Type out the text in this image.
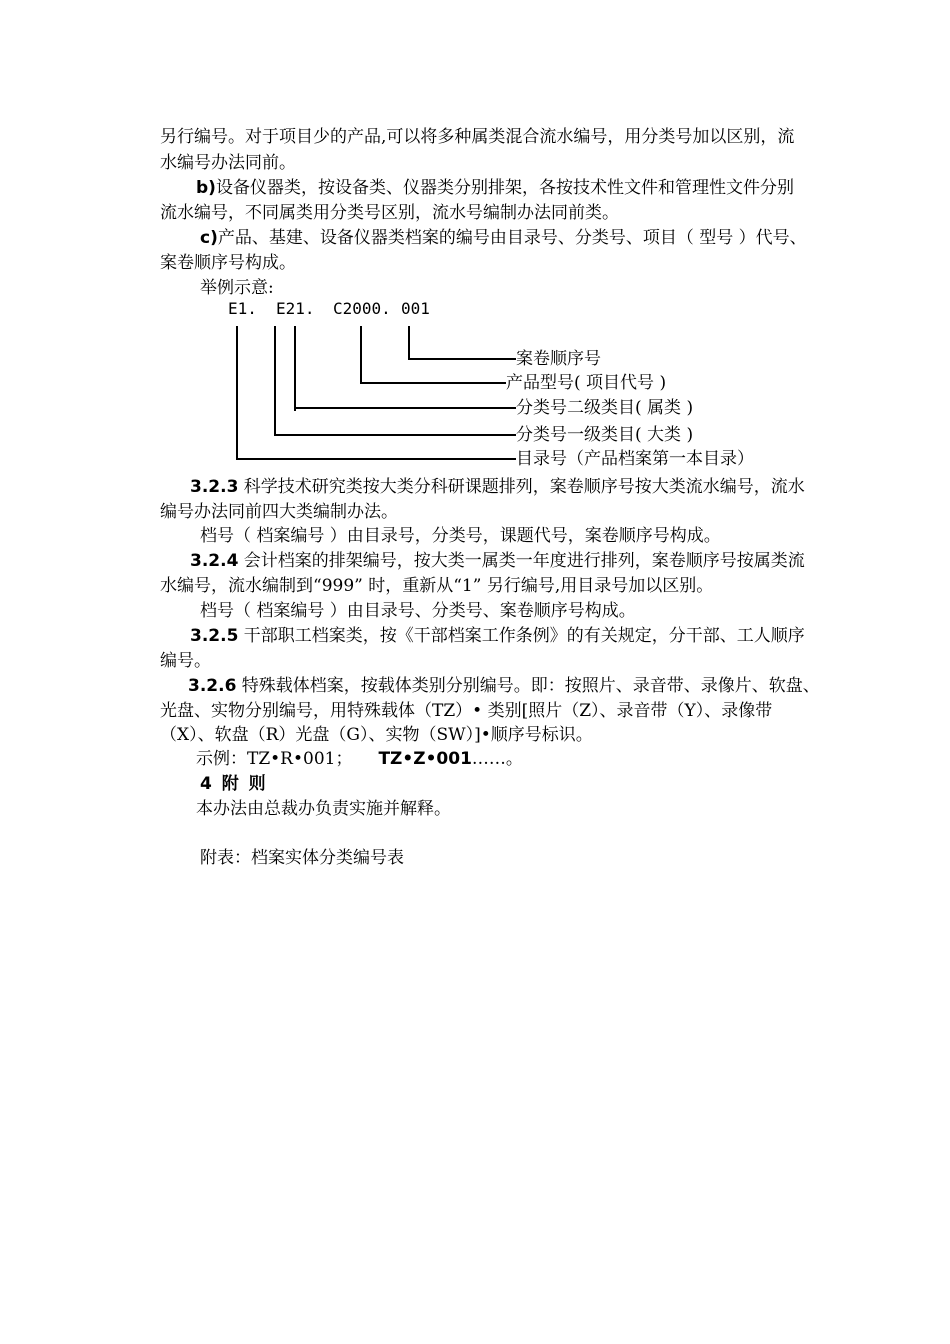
另行编号。对于项目少的产品,可以将多种属类混合流水编号，用分类号加以区别，流
水编号办法同前。
b)设备仪器类，按设备类、仪器类分别排架，各按技术性文件和管理性文件分别
流水编号，不同属类用分类号区别，流水号编制办法同前类。
c)产品、基建、设备仪器类档案的编号由目录号、分类号、项目（ 型号 ）代号、
案卷顺序号构成。
举例示意:
E1. E21. C2000. 001
案卷顺序号
产品型号( 项目代号 )
分类号二级类目( 属类 )
分类号一级类目( 大类 )
目录号（产品档案第一本目录）
3.2.3 科学技术研究类按大类分科研课题排列，案卷顺序号按大类流水编号，流水
编号办法同前四大类编制办法。
档号（ 档案编号 ）由目录号，分类号，课题代号，案卷顺序号构成。
3.2.4 会计档案的排架编号，按大类一属类一年度进行排列，案卷顺序号按属类流
水编号，流水编制到“999” 时，重新从“1” 另行编号,用目录号加以区别。
档号（ 档案编号 ）由目录号、分类号、案卷顺序号构成。
3.2.5 干部职工档案类，按《干部档案工作条例》的有关规定，分干部、工人顺序
编号。
3.2.6 特殊载体档案，按载体类别分别编号。即：按照片、录音带、录像片、软盘、
光盘、实物分别编号，用特殊载体（TZ）• 类别[照片（Z）、录音带（Y）、录像带
（X）、软盘（R）光盘（G）、实物（SW）]•顺序号标识。
示例：TZ•R•001； TZ•Z•001……。
4 附 则
本办法由总裁办负责实施并解释。
附表：档案实体分类编号表
